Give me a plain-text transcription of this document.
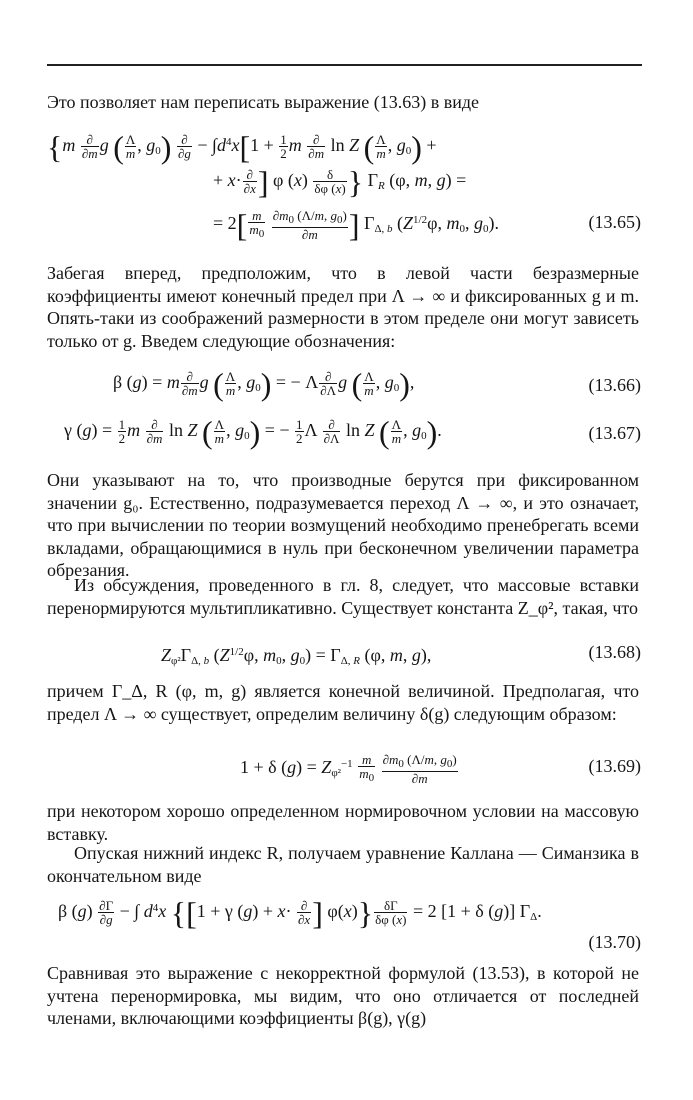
Это позволяет нам переписать выражение (13.63) в виде

{$m \frac{\partial}{\partial m}$ g ( $\frac{\Lambda}{m}$ , $g_0) \frac{\partial}{\partial g} - \int d^4x[1 + \frac{1}{2}$ m $\frac{\partial}{\partial m}$ ln Z ( $\frac{\Lambda}{m}$ , $g_0$) +
+ $x\cdot \frac{\partial}{\partial x}$ ] φ $(x) \frac{\delta}{\delta\varphi (x)}$ } $\Gamma_R$ (φ, m, g) =
= $2[ \frac{m}{m_0}$
$\frac{\partial m_0 (\Lambda/m, g_0)}{\partial m}$ ] $\Gamma_{\Delta, b}$ ($Z^{1/2}\varphi$, $m_0$, $g_0$).	(13.65)

Забегая вперед, предположим, что в левой части безразмерные коэффициенты имеют конечный предел при Λ → ∞ и фиксированных g и m. Опять-таки из соображений размерности в этом пределе они могут зависеть только от g. Введем следующие обозначения:

β (g) = m $\frac{\partial}{\partial m}$ g ( $\frac{\Lambda}{m}$ , $g_0$) = − Λ $\frac{\partial}{\partial\Lambda}$ g ( $\frac{\Lambda}{m}$ , $g_0$),	(13.66)
γ $(g) = \frac{1}{2}$ m $\frac{\partial}{\partial m}$ ln Z ( $\frac{\Lambda}{m}$ , $g_0$) = − $\frac{1}{2}$ Λ $\frac{\partial}{\partial\Lambda}$ ln Z ( $\frac{\Lambda}{m}$ , $g_0$).	(13.67)

Они указывают на то, что производные берутся при фиксированном значении g₀. Естественно, подразумевается переход Λ → ∞, и это означает, что при вычислении по теории возмущений необходимо пренебрегать всеми вкладами, обращающимися в нуль при бесконечном увеличении параметра обрезания.

Из обсуждения, проведенного в гл. 8, следует, что массовые вставки перенормируются мультипликативно. Существует константа Z_φ², такая, что

$Z_{\varphi^2}\Gamma_{\Delta, b}$ ($Z^{1/2}\varphi$, $m_0$, $g_0) = \Gamma_{\Delta, R}$ (φ, m, g),	(13.68)

причем Γ_Δ, R (φ, m, g) является конечной величиной. Предполагая, что предел Λ → ∞ существует, определим величину δ(g) следующим образом:

1 + δ $(g) = Z_{\varphi^2}^{-1} \frac{m}{m_0}$
$\frac{\partial m_0 (\Lambda/m, g_0)}{\partial m}$	(13.69)

при некотором хорошо определенном нормировочном условии на массовую вставку.

Опуская нижний индекс R, получаем уравнение Каллана — Симанзика в окончательном виде

β $(g) \frac{\partial\Gamma}{\partial g}$ − ∫ $d^4x$ {[1 + γ $(g) + x\cdot \frac{\partial}{\partial x}$ ] $\varphi(x)\} \frac{\delta\Gamma}{\delta\varphi (x)} = 2$ [1 + δ (g)] $\Gamma_\Delta$.
(13.70)

Сравнивая это выражение с некорректной формулой (13.53), в которой не учтена перенормировка, мы видим, что оно отличается от последней членами, включающими коэффициенты β(g), γ(g)
